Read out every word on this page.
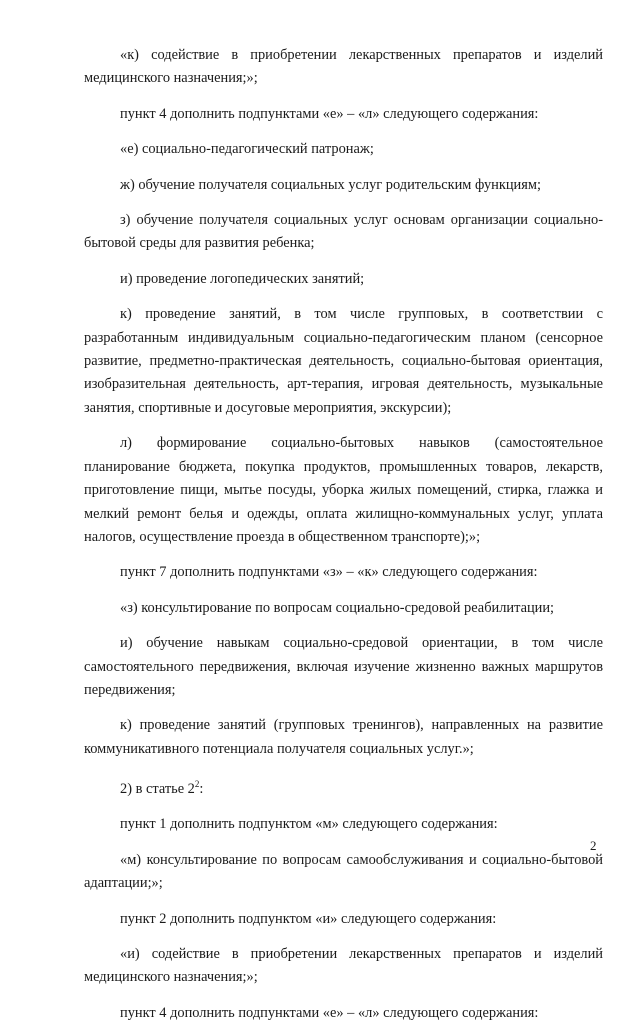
«к) содействие в приобретении лекарственных препаратов и изделий медицинского назначения;»;

пункт 4 дополнить подпунктами «е» – «л» следующего содержания:

«е) социально-педагогический патронаж;

ж) обучение получателя социальных услуг родительским функциям;

з) обучение получателя социальных услуг основам организации социально-бытовой среды для развития ребенка;

и) проведение логопедических занятий;

к) проведение занятий, в том числе групповых, в соответствии с разработанным индивидуальным социально-педагогическим планом (сенсорное развитие, предметно-практическая деятельность, социально-бытовая ориентация, изобразительная деятельность, арт-терапия, игровая деятельность, музыкальные занятия, спортивные и досуговые мероприятия, экскурсии);

л) формирование социально-бытовых навыков (самостоятельное планирование бюджета, покупка продуктов, промышленных товаров, лекарств, приготовление пищи, мытье посуды, уборка жилых помещений, стирка, глажка и мелкий ремонт белья и одежды, оплата жилищно-коммунальных услуг, уплата налогов, осуществление проезда в общественном транспорте);»;

пункт 7 дополнить подпунктами «з» – «к» следующего содержания:

«з) консультирование по вопросам социально-средовой реабилитации;

и) обучение навыкам социально-средовой ориентации, в том числе самостоятельного передвижения, включая изучение жизненно важных маршрутов передвижения;

к) проведение занятий (групповых тренингов), направленных на развитие коммуникативного потенциала получателя социальных услуг.»;

2) в статье $2^2$:

пункт 1 дополнить подпунктом «м» следующего содержания:

«м) консультирование по вопросам самообслуживания и социально-бытовой адаптации;»;

пункт 2 дополнить подпунктом «и» следующего содержания:

«и) содействие в приобретении лекарственных препаратов и изделий медицинского назначения;»;

пункт 4 дополнить подпунктами «е» – «л» следующего содержания:

2
